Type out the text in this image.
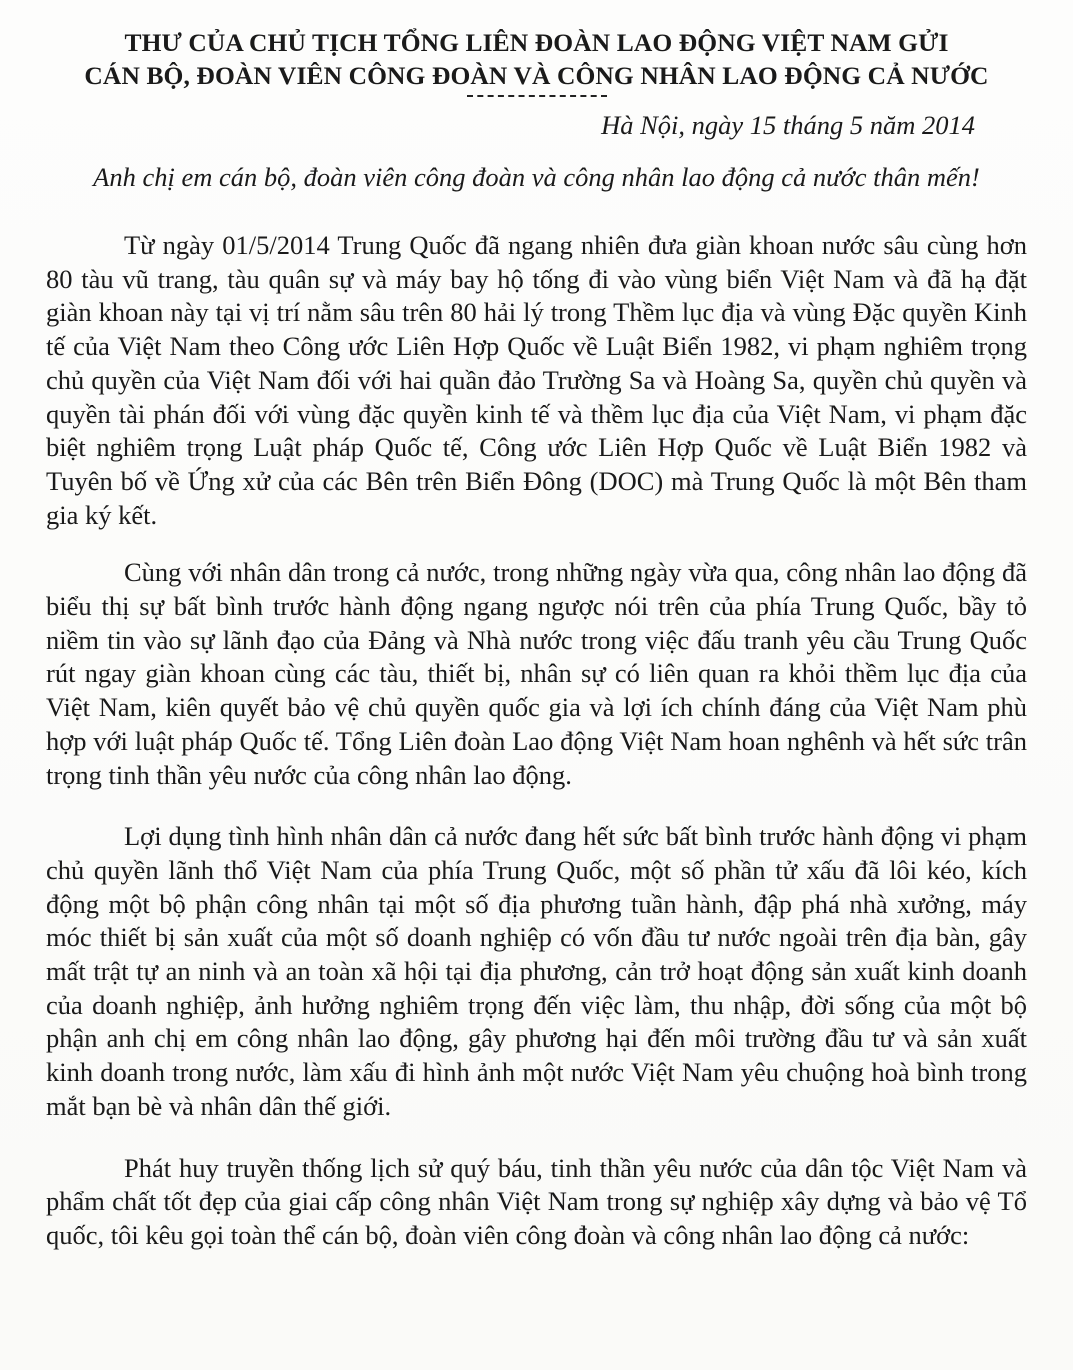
THƯ CỦA CHỦ TỊCH TỔNG LIÊN ĐOÀN LAO ĐỘNG VIỆT NAM GỬI
CÁN BỘ, ĐOÀN VIÊN CÔNG ĐOÀN VÀ CÔNG NHÂN LAO ĐỘNG CẢ NƯỚC

Hà Nội, ngày 15 tháng 5 năm 2014

Anh chị em cán bộ, đoàn viên công đoàn và công nhân lao động cả nước thân mến!

Từ ngày 01/5/2014 Trung Quốc đã ngang nhiên đưa giàn khoan nước sâu cùng hơn 80 tàu vũ trang, tàu quân sự và máy bay hộ tống đi vào vùng biển Việt Nam và đã hạ đặt giàn khoan này tại vị trí nằm sâu trên 80 hải lý trong Thềm lục địa và vùng Đặc quyền Kinh tế của Việt Nam theo Công ước Liên Hợp Quốc về Luật Biển 1982, vi phạm nghiêm trọng chủ quyền của Việt Nam đối với hai quần đảo Trường Sa và Hoàng Sa, quyền chủ quyền và quyền tài phán đối với vùng đặc quyền kinh tế và thềm lục địa của Việt Nam, vi phạm đặc biệt nghiêm trọng Luật pháp Quốc tế, Công ước Liên Hợp Quốc về Luật Biển 1982 và Tuyên bố về Ứng xử của các Bên trên Biển Đông (DOC) mà Trung Quốc là một Bên tham gia ký kết.

Cùng với nhân dân trong cả nước, trong những ngày vừa qua, công nhân lao động đã biểu thị sự bất bình trước hành động ngang ngược nói trên của phía Trung Quốc, bầy tỏ niềm tin vào sự lãnh đạo của Đảng và Nhà nước trong việc đấu tranh yêu cầu Trung Quốc rút ngay giàn khoan cùng các tàu, thiết bị, nhân sự có liên quan ra khỏi thềm lục địa của Việt Nam, kiên quyết bảo vệ chủ quyền quốc gia và lợi ích chính đáng của Việt Nam phù hợp với luật pháp Quốc tế. Tổng Liên đoàn Lao động Việt Nam hoan nghênh và hết sức trân trọng tinh thần yêu nước của công nhân lao động.

Lợi dụng tình hình nhân dân cả nước đang hết sức bất bình trước hành động vi phạm chủ quyền lãnh thổ Việt Nam của phía Trung Quốc, một số phần tử xấu đã lôi kéo, kích động một bộ phận công nhân tại một số địa phương tuần hành, đập phá nhà xưởng, máy móc thiết bị sản xuất của một số doanh nghiệp có vốn đầu tư nước ngoài trên địa bàn, gây mất trật tự an ninh và an toàn xã hội tại địa phương, cản trở hoạt động sản xuất kinh doanh của doanh nghiệp, ảnh hưởng nghiêm trọng đến việc làm, thu nhập, đời sống của một bộ phận anh chị em công nhân lao động, gây phương hại đến môi trường đầu tư và sản xuất kinh doanh trong nước, làm xấu đi hình ảnh một nước Việt Nam yêu chuộng hoà bình trong mắt bạn bè và nhân dân thế giới.

Phát huy truyền thống lịch sử quý báu, tinh thần yêu nước của dân tộc Việt Nam và phẩm chất tốt đẹp của giai cấp công nhân Việt Nam trong sự nghiệp xây dựng và bảo vệ Tổ quốc, tôi kêu gọi toàn thể cán bộ, đoàn viên công đoàn và công nhân lao động cả nước:
